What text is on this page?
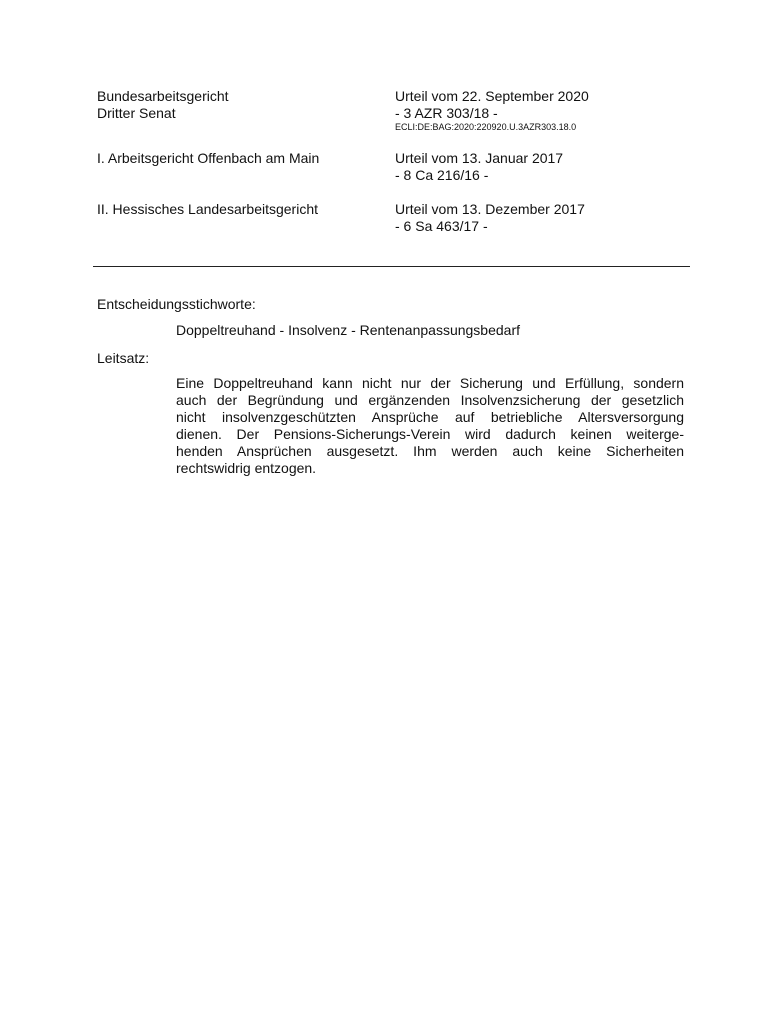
Bundesarbeitsgericht
Dritter Senat
Urteil vom 22. September 2020
- 3 AZR 303/18 -
ECLI:DE:BAG:2020:220920.U.3AZR303.18.0
I. Arbeitsgericht Offenbach am Main	Urteil vom 13. Januar 2017
- 8 Ca 216/16 -
II. Hessisches Landesarbeitsgericht	Urteil vom 13. Dezember 2017
- 6 Sa 463/17 -
Entscheidungsstichworte:
Doppeltreuhand - Insolvenz - Rentenanpassungsbedarf
Leitsatz:
Eine Doppeltreuhand kann nicht nur der Sicherung und Erfüllung, sondern
auch der Begründung und ergänzenden Insolvenzsicherung der gesetzlich
nicht insolvenzgeschützten Ansprüche auf betriebliche Altersversorgung
dienen. Der Pensions-Sicherungs-Verein wird dadurch keinen weiterge-
henden Ansprüchen ausgesetzt. Ihm werden auch keine Sicherheiten
rechtswidrig entzogen.
